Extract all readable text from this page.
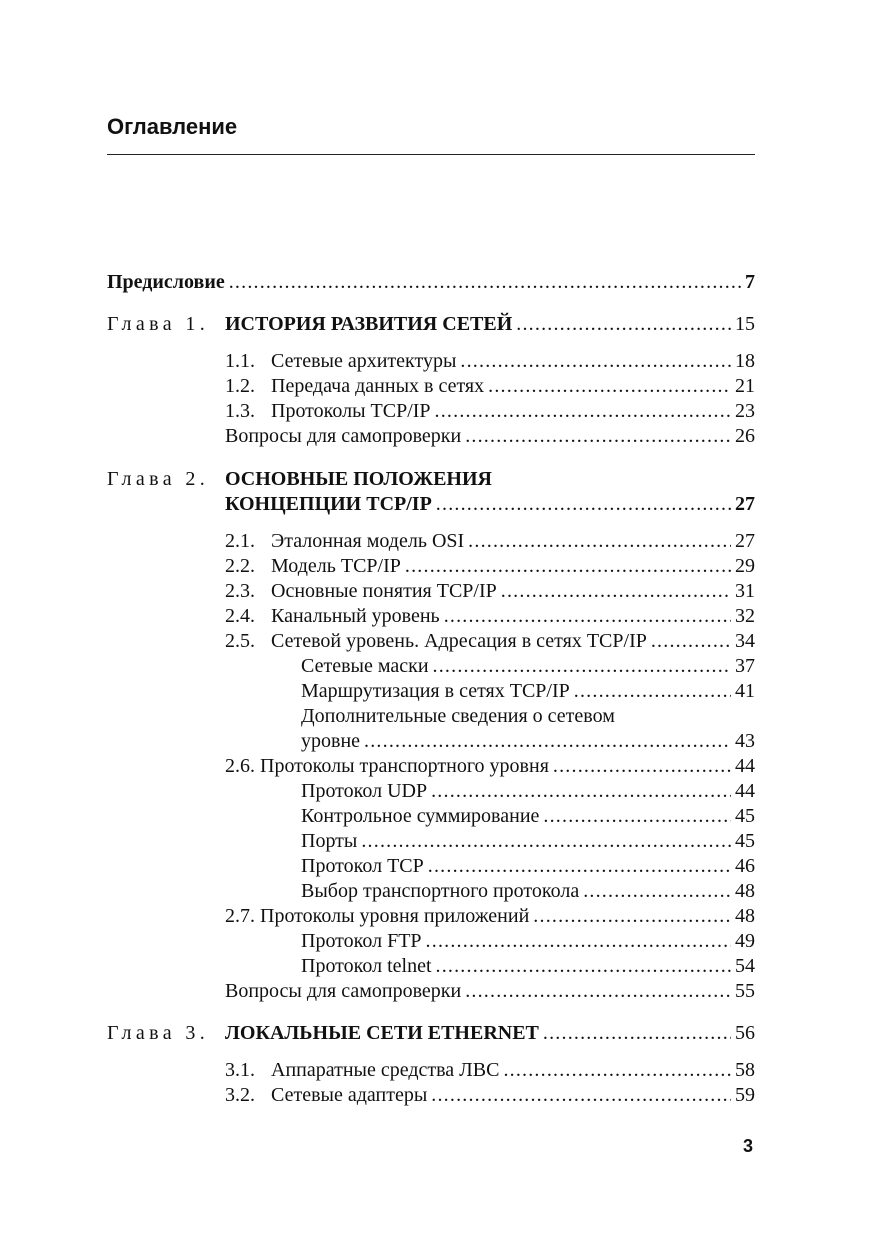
Оглавление
Предисловие .....	7
Глава 1. ИСТОРИЯ РАЗВИТИЯ СЕТЕЙ .....	15
1.1. Сетевые архитектуры .....	18
1.2. Передача данных в сетях .....	21
1.3. Протоколы TCP/IP .....	23
Вопросы для самопроверки .....	26
Глава 2. ОСНОВНЫЕ ПОЛОЖЕНИЯ
КОНЦЕПЦИИ TCP/IP .....	27
2.1. Эталонная модель OSI .....	27
2.2. Модель TCP/IP .....	29
2.3. Основные понятия TCP/IP .....	31
2.4. Канальный уровень .....	32
2.5. Сетевой уровень. Адресация в сетях TCP/IP .....	34
Сетевые маски .....	37
Маршрутизация в сетях TCP/IP .....	41
Дополнительные сведения о сетевом
уровне .....	43
2.6. Протоколы транспортного уровня .....	44
Протокол UDP .....	44
Контрольное суммирование .....	45
Порты .....	45
Протокол TCP .....	46
Выбор транспортного протокола .....	48
2.7. Протоколы уровня приложений .....	48
Протокол FTP .....	49
Протокол telnet .....	54
Вопросы для самопроверки .....	55
Глава 3. ЛОКАЛЬНЫЕ СЕТИ ETHERNET .....	56
3.1. Аппаратные средства ЛВС .....	58
3.2. Сетевые адаптеры .....	59
3
